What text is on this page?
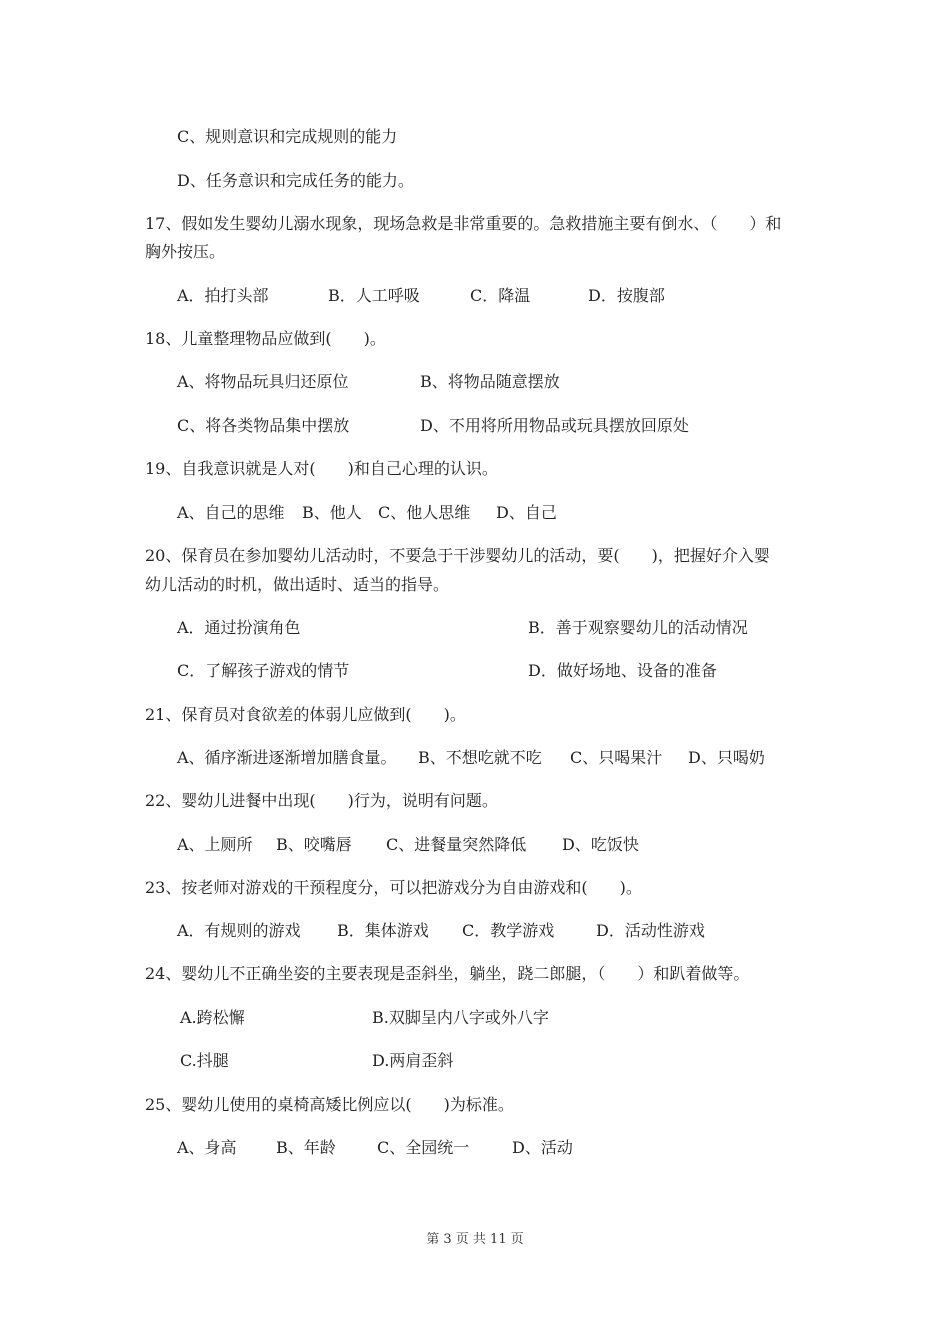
C、规则意识和完成规则的能力
D、任务意识和完成任务的能力。
17、假如发生婴幼儿溺水现象，现场急救是非常重要的。急救措施主要有倒水、（　　）和
胸外按压。
A．拍打头部	B．人工呼吸	C．降温	D．按腹部
18、儿童整理物品应做到(　　)。
A、将物品玩具归还原位	B、将物品随意摆放
C、将各类物品集中摆放	D、不用将所用物品或玩具摆放回原处
19、自我意识就是人对(　　)和自己心理的认识。
A、自己的思维 B、他人 C、他人思维 D、自己
20、保育员在参加婴幼儿活动时，不要急于干涉婴幼儿的活动，要(　　)，把握好介入婴
幼儿活动的时机，做出适时、适当的指导。
A．通过扮演角色	B．善于观察婴幼儿的活动情况
C．了解孩子游戏的情节	D．做好场地、设备的准备
21、保育员对食欲差的体弱儿应做到(　　)。
A、循序渐进逐渐增加膳食量。 B、不想吃就不吃 C、只喝果汁 D、只喝奶
22、婴幼儿进餐中出现(　　)行为，说明有问题。
A、上厕所 B、咬嘴唇 C、进餐量突然降低 D、吃饭快
23、按老师对游戏的干预程度分，可以把游戏分为自由游戏和(　　)。
A．有规则的游戏 B．集体游戏 C．教学游戏	D．活动性游戏
24、婴幼儿不正确坐姿的主要表现是歪斜坐，躺坐，跷二郎腿，（　　）和趴着做等。
A.跨松懈	B.双脚呈内八字或外八字
C.抖腿	D.两肩歪斜
25、婴幼儿使用的桌椅高矮比例应以(　　)为标准。
A、身高 B、年龄	C、全园统一	D、活动
第 3 页 共 11 页
